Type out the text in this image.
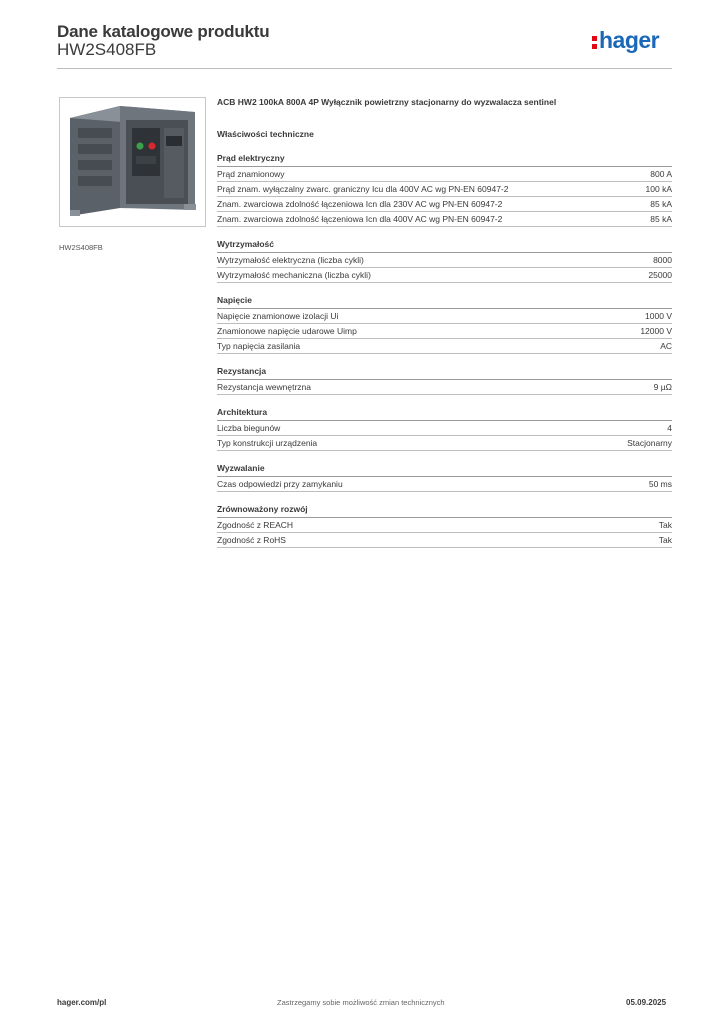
Dane katalogowe produktu
HW2S408FB	hager
HW2S408FB
ACB HW2 100kA 800A 4P Wyłącznik powietrzny stacjonarny do wyzwalacza sentinel
Właściwości techniczne
Prąd elektryczny
Prąd znamionowy	800 A
Prąd znam. wyłączalny zwarc. graniczny Icu dla 400V AC wg PN-EN 60947-2	100 kA
Znam. zwarciowa zdolność łączeniowa Icn dla 230V AC wg PN-EN 60947-2	85 kA
Znam. zwarciowa zdolność łączeniowa Icn dla 400V AC wg PN-EN 60947-2	85 kA
Wytrzymałość
Wytrzymałość elektryczna (liczba cykli)	8000
Wytrzymałość mechaniczna (liczba cykli)	25000
Napięcie
Napięcie znamionowe izolacji Ui	1000 V
Znamionowe napięcie udarowe Uimp	12000 V
Typ napięcia zasilania	AC
Rezystancja
Rezystancja wewnętrzna	9 µΩ
Architektura
Liczba biegunów	4
Typ konstrukcji urządzenia	Stacjonarny
Wyzwalanie
Czas odpowiedzi przy zamykaniu	50 ms
Zrównoważony rozwój
Zgodność z REACH	Tak
Zgodność z RoHS	Tak
hager.com/pl	Zastrzegamy sobie możliwość zmian technicznych	05.09.2025
